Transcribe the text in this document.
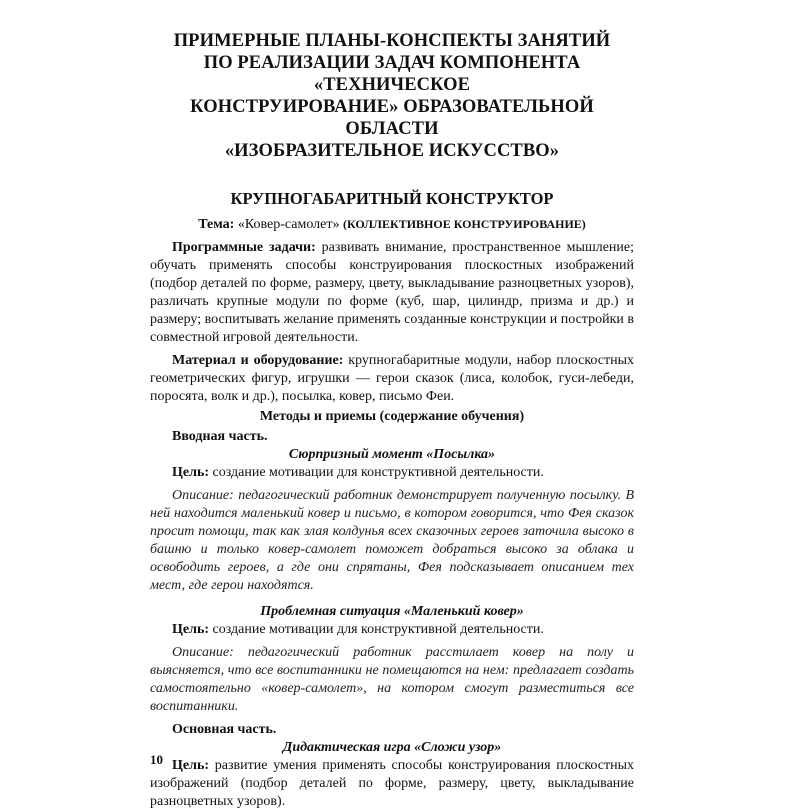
ПРИМЕРНЫЕ ПЛАНЫ-КОНСПЕКТЫ ЗАНЯТИЙ
ПО РЕАЛИЗАЦИИ ЗАДАЧ КОМПОНЕНТА «ТЕХНИЧЕСКОЕ
КОНСТРУИРОВАНИЕ» ОБРАЗОВАТЕЛЬНОЙ ОБЛАСТИ
«ИЗОБРАЗИТЕЛЬНОЕ ИСКУССТВО»
КРУПНОГАБАРИТНЫЙ КОНСТРУКТОР
Тема: «Ковер-самолет» (КОЛЛЕКТИВНОЕ КОНСТРУИРОВАНИЕ)

Программные задачи: развивать внимание, пространственное мышление; обучать применять способы конструирования плоскостных изображений (подбор деталей по форме, размеру, цвету, выкладывание разноцветных узоров), различать крупные модули по форме (куб, шар, цилиндр, призма и др.) и размеру; воспитывать желание применять созданные конструкции и постройки в совместной игровой деятельности.

Материал и оборудование: крупногабаритные модули, набор плоскостных геометрических фигур, игрушки — герои сказок (лиса, колобок, гуси-лебеди, поросята, волк и др.), посылка, ковер, письмо Феи.

Методы и приемы (содержание обучения)
Вводная часть.
Сюрпризный момент «Посылка»

Цель: создание мотивации для конструктивной деятельности.

Описание: педагогический работник демонстрирует полученную посылку. В ней находится маленький ковер и письмо, в котором говорится, что Фея сказок просит помощи, так как злая колдунья всех сказочных героев заточила высоко в башню и только ковер-самолет поможет добраться высоко за облака и освободить героев, а где они спрятаны, Фея подсказывает описанием тех мест, где герои находятся.

Проблемная ситуация «Маленький ковер»

Цель: создание мотивации для конструктивной деятельности.

Описание: педагогический работник расстилает ковер на полу и выясняется, что все воспитанники не помещаются на нем: предлагает создать самостоятельно «ковер-самолет», на котором смогут разместиться все воспитанники.

Основная часть.
Дидактическая игра «Сложи узор»

Цель: развитие умения применять способы конструирования плоскостных изображений (подбор деталей по форме, размеру, цвету, выкладывание разноцветных узоров).

10
